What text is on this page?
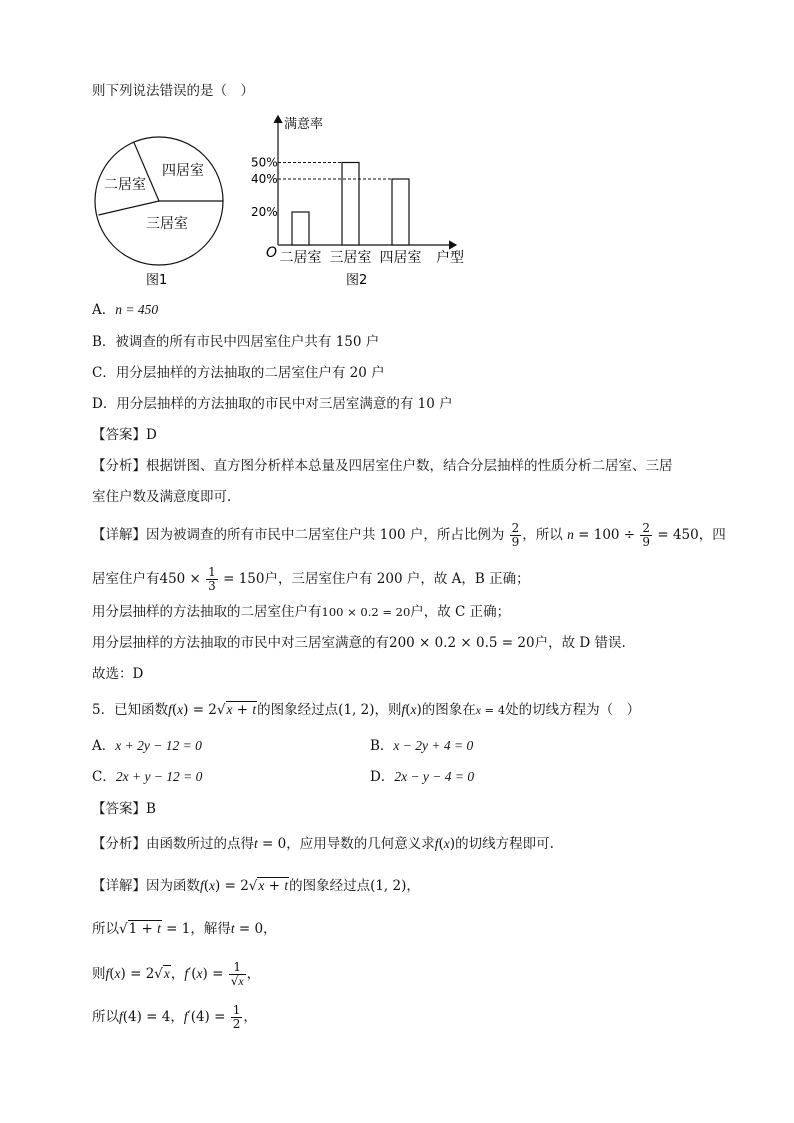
则下列说法错误的是（　）
二居室
四居室
三居室
图1
满意率
户型
O
图2
20%
40%
50%
二居室 三居室 四居室
A．n = 450
B．被调查的所有市民中四居室住户共有 150 户
C．用分层抽样的方法抽取的二居室住户有 20 户
D．用分层抽样的方法抽取的市民中对三居室满意的有 10 户
【答案】D
【分析】根据饼图、直方图分析样本总量及四居室住户数，结合分层抽样的性质分析二居室、三居
室住户数及满意度即可.
【详解】因为被调查的所有市民中二居室住户共 100 户，所占比例为 $\frac{2}{9}$ ，所以 $n = 100 \div \frac{2}{9} = 450$，四
居室住户有$450 \times \frac{1}{3} = 150$户，三居室住户有 200 户，故 A，B 正确；
用分层抽样的方法抽取的二居室住户有100 × 0.2 = 20户，故 C 正确；
用分层抽样的方法抽取的市民中对三居室满意的有200 × 0.2 × 0.5 = 20户，故 D 错误.
故选：D
5．已知函数f(x) = 2√x + t的图象经过点(1, 2)，则f(x)的图象在x = 4处的切线方程为（　）
A．x + 2y − 12 = 0	B．x − 2y + 4 = 0
C．2x + y − 12 = 0	D．2x − y − 4 = 0
【答案】B
【分析】由函数所过的点得t = 0，应用导数的几何意义求f(x)的切线方程即可.
【详解】因为函数f(x) = 2√x + t的图象经过点(1, 2)，
所以√1 + t = 1，解得t = 0，
则f(x) = 2√x，$f'(x) = \frac{1}{√x}$ ，
所以f(4) = 4，$f'(4) = \frac{1}{2}$ ，
